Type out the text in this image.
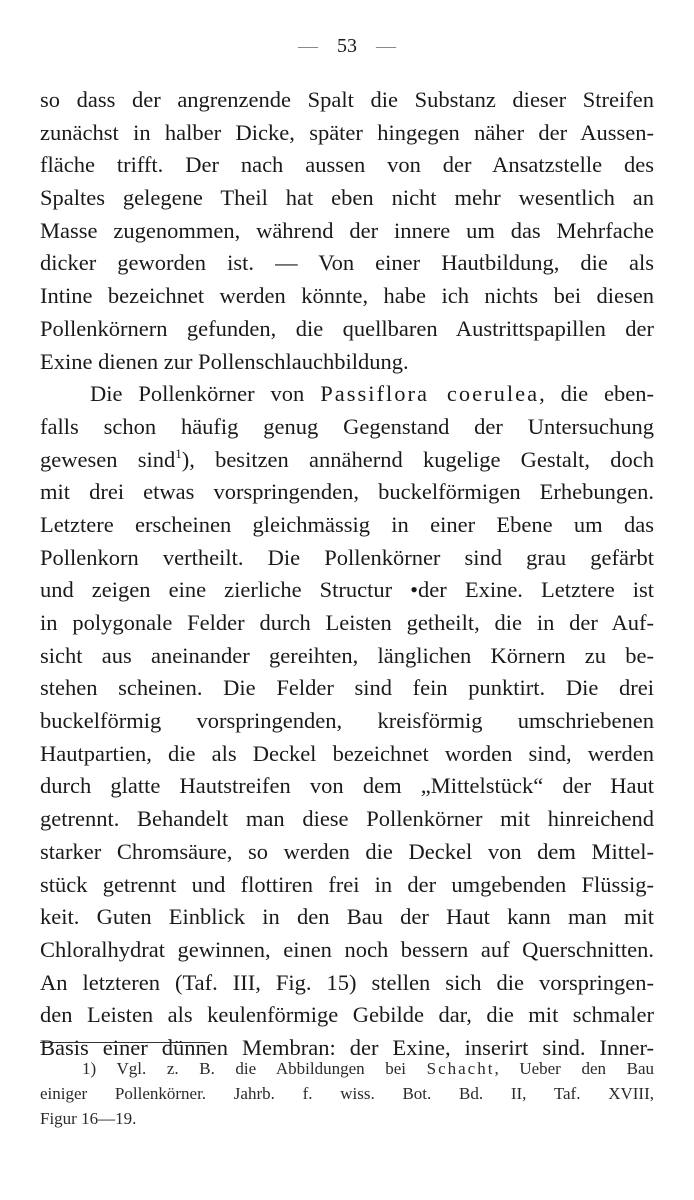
— 53 —
so dass der angrenzende Spalt die Substanz dieser Streifen
zunächst in halber Dicke, später hingegen näher der Aussen-
fläche trifft. Der nach aussen von der Ansatzstelle des
Spaltes gelegene Theil hat eben nicht mehr wesentlich an
Masse zugenommen, während der innere um das Mehrfache
dicker geworden ist. — Von einer Hautbildung, die als
Intine bezeichnet werden könnte, habe ich nichts bei diesen
Pollenkörnern gefunden, die quellbaren Austrittspapillen der
Exine dienen zur Pollenschlauchbildung.
Die Pollenkörner von Passiflora coerulea, die eben-
falls schon häufig genug Gegenstand der Untersuchung
gewesen sind$^1$), besitzen annähernd kugelige Gestalt, doch
mit drei etwas vorspringenden, buckelförmigen Erhebungen.
Letztere erscheinen gleichmässig in einer Ebene um das
Pollenkorn vertheilt. Die Pollenkörner sind grau gefärbt
und zeigen eine zierliche Structur •der Exine. Letztere ist
in polygonale Felder durch Leisten getheilt, die in der Auf-
sicht aus aneinander gereihten, länglichen Körnern zu be-
stehen scheinen. Die Felder sind fein punktirt. Die drei
buckelförmig vorspringenden, kreisförmig umschriebenen
Hautpartien, die als Deckel bezeichnet worden sind, werden
durch glatte Hautstreifen von dem „Mittelstück“ der Haut
getrennt. Behandelt man diese Pollenkörner mit hinreichend
starker Chromsäure, so werden die Deckel von dem Mittel-
stück getrennt und flottiren frei in der umgebenden Flüssig-
keit. Guten Einblick in den Bau der Haut kann man mit
Chloralhydrat gewinnen, einen noch bessern auf Querschnitten.
An letzteren (Taf. III, Fig. 15) stellen sich die vorspringen-
den Leisten als keulenförmige Gebilde dar, die mit schmaler
Basis einer dünnen Membran: der Exine, inserirt sind. Inner-
1) Vgl. z. B. die Abbildungen bei Schacht, Ueber den Bau
einiger Pollenkörner. Jahrb. f. wiss. Bot. Bd. II, Taf. XVIII,
Figur 16—19.
